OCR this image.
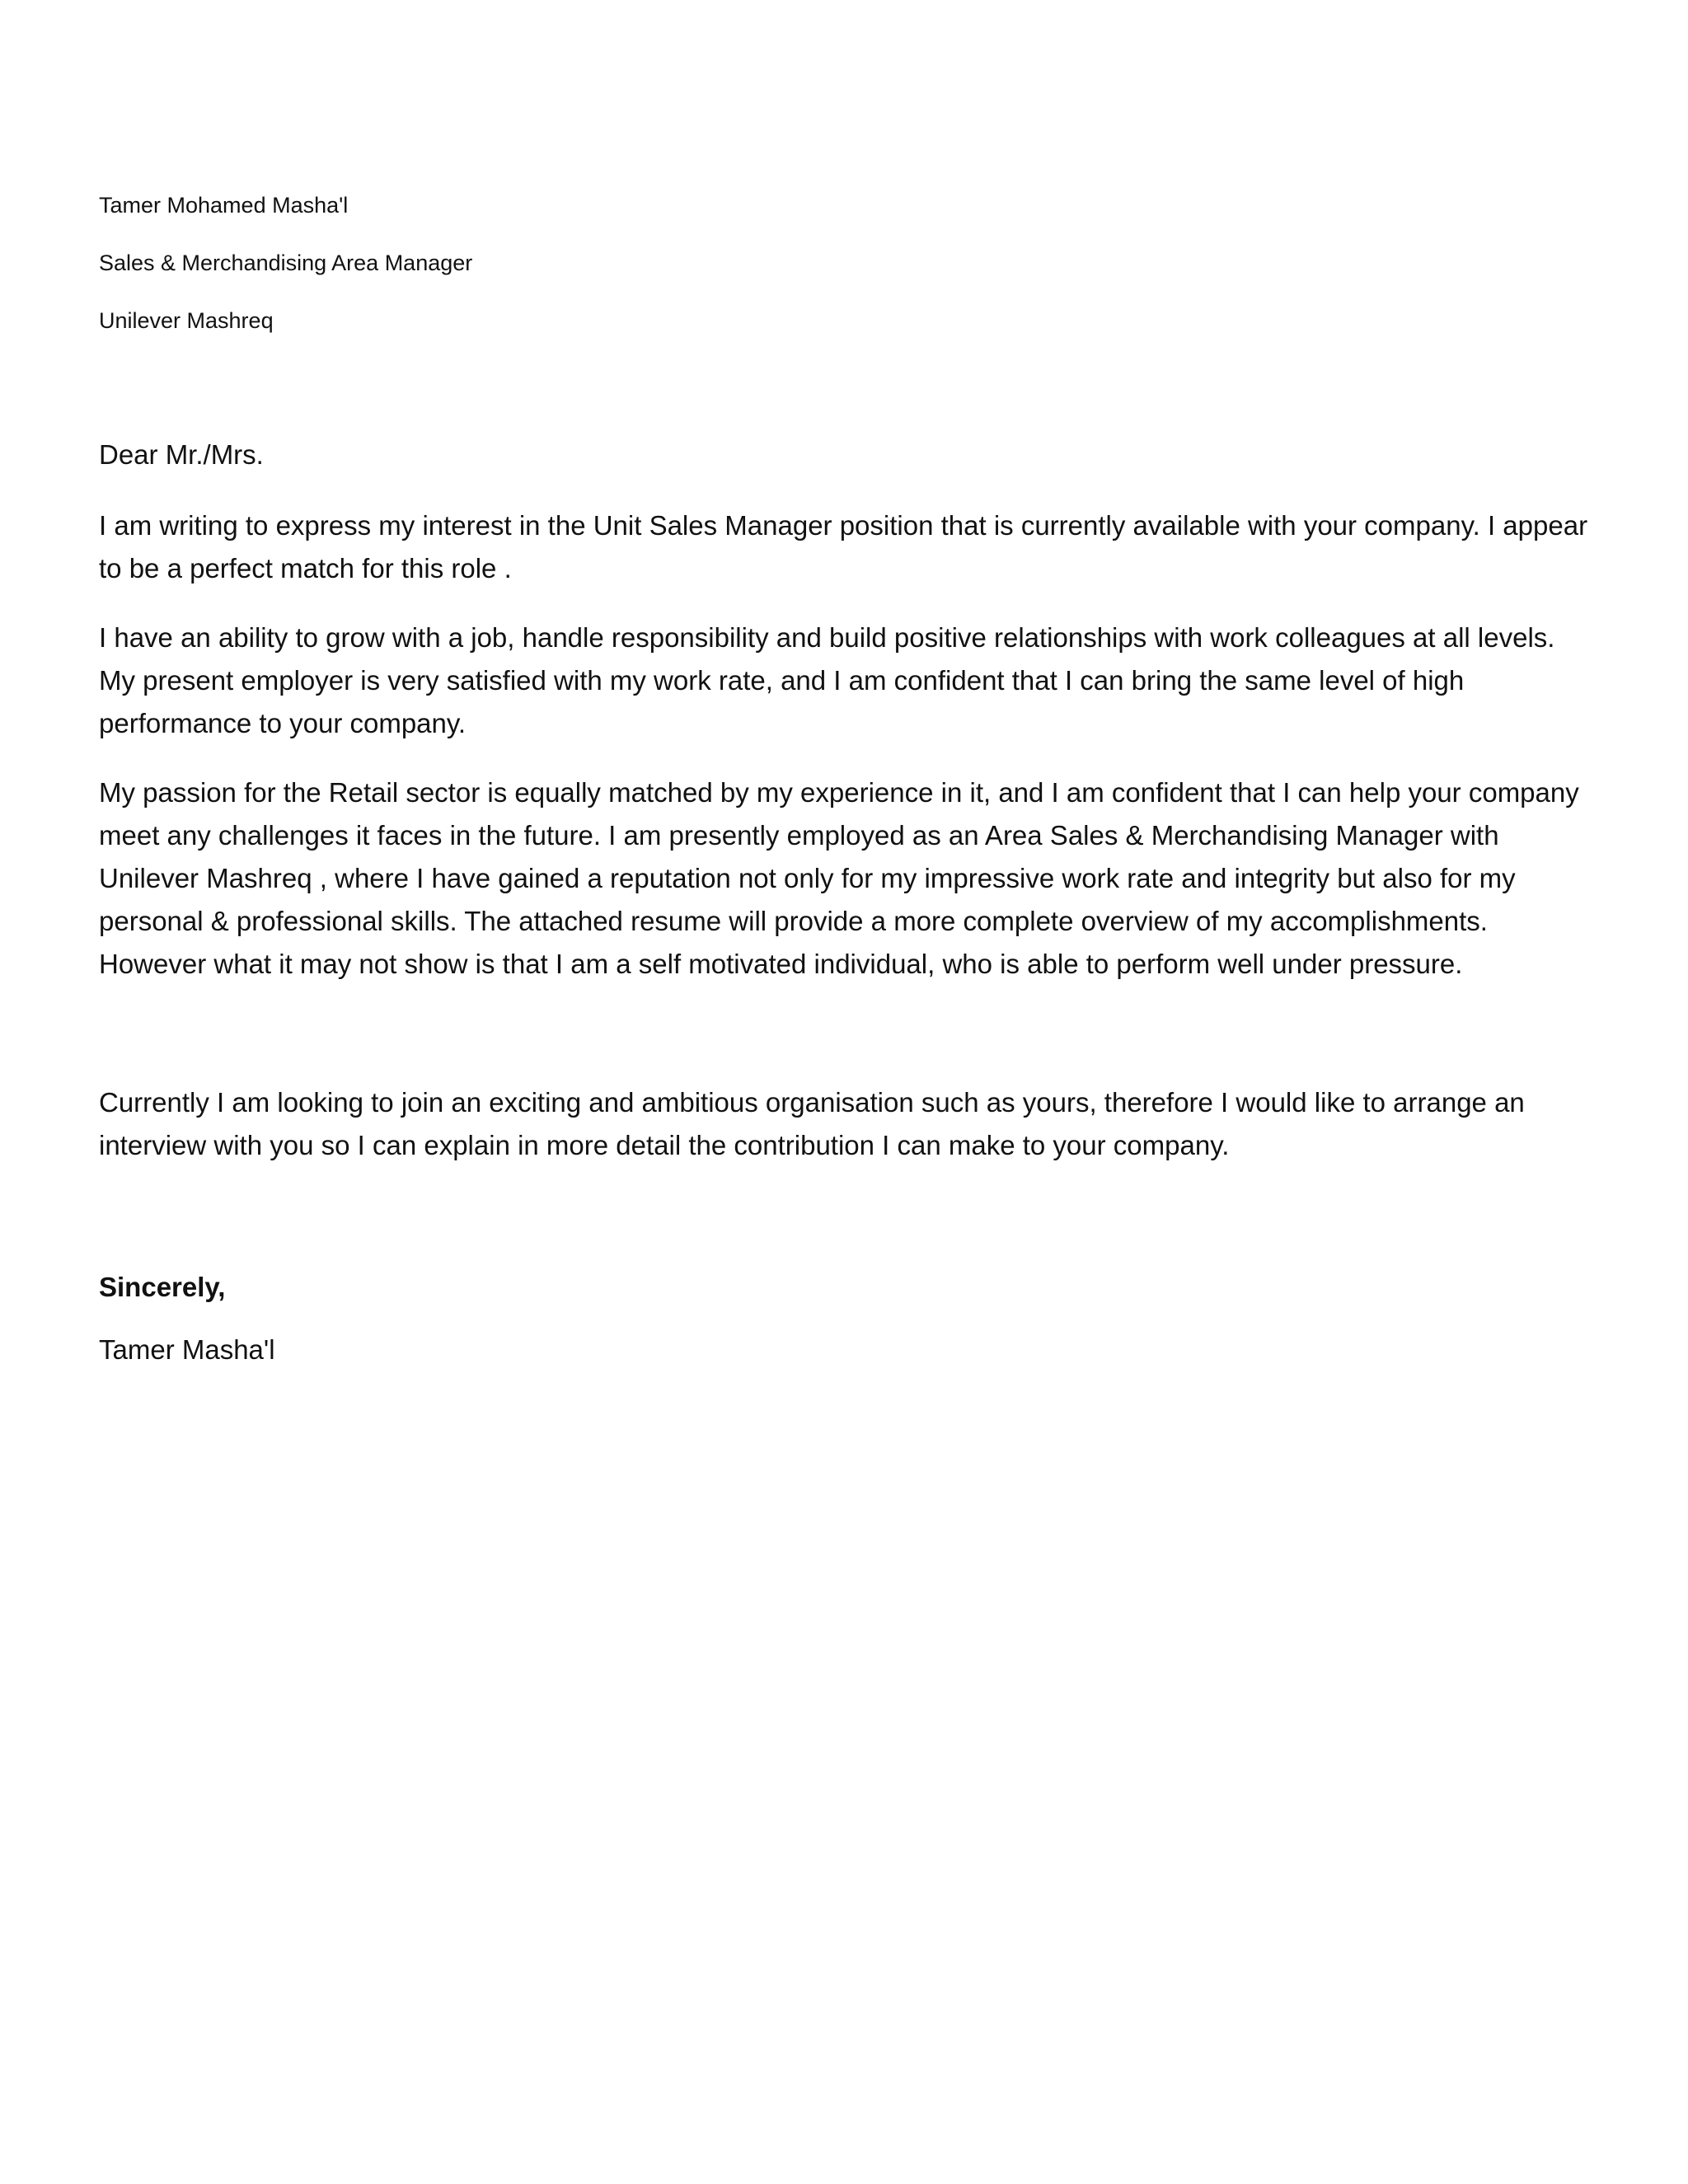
Tamer Mohamed Masha'l

Sales & Merchandising Area Manager

Unilever Mashreq

Dear Mr./Mrs.

I am writing to express my interest in the Unit Sales Manager position that is currently available with your company. I appear to be a perfect match for this role .

I have an ability to grow with a job, handle responsibility and build positive relationships with work colleagues at all levels. My present employer is very satisfied with my work rate, and I am confident that I can bring the same level of high performance to your company.

My passion for the Retail sector is equally matched by my experience in it, and I am confident that I can help your company meet any challenges it faces in the future. I am presently employed as an Area Sales & Merchandising Manager with Unilever Mashreq , where I have gained a reputation not only for my impressive work rate and integrity but also for my personal & professional skills. The attached resume will provide a more complete overview of my accomplishments. However what it may not show is that I am a self motivated individual, who is able to perform well under pressure.

Currently I am looking to join an exciting and ambitious organisation such as yours, therefore I would like to arrange an interview with you so I can explain in more detail the contribution I can make to your company.

Sincerely,
Tamer Masha'l
